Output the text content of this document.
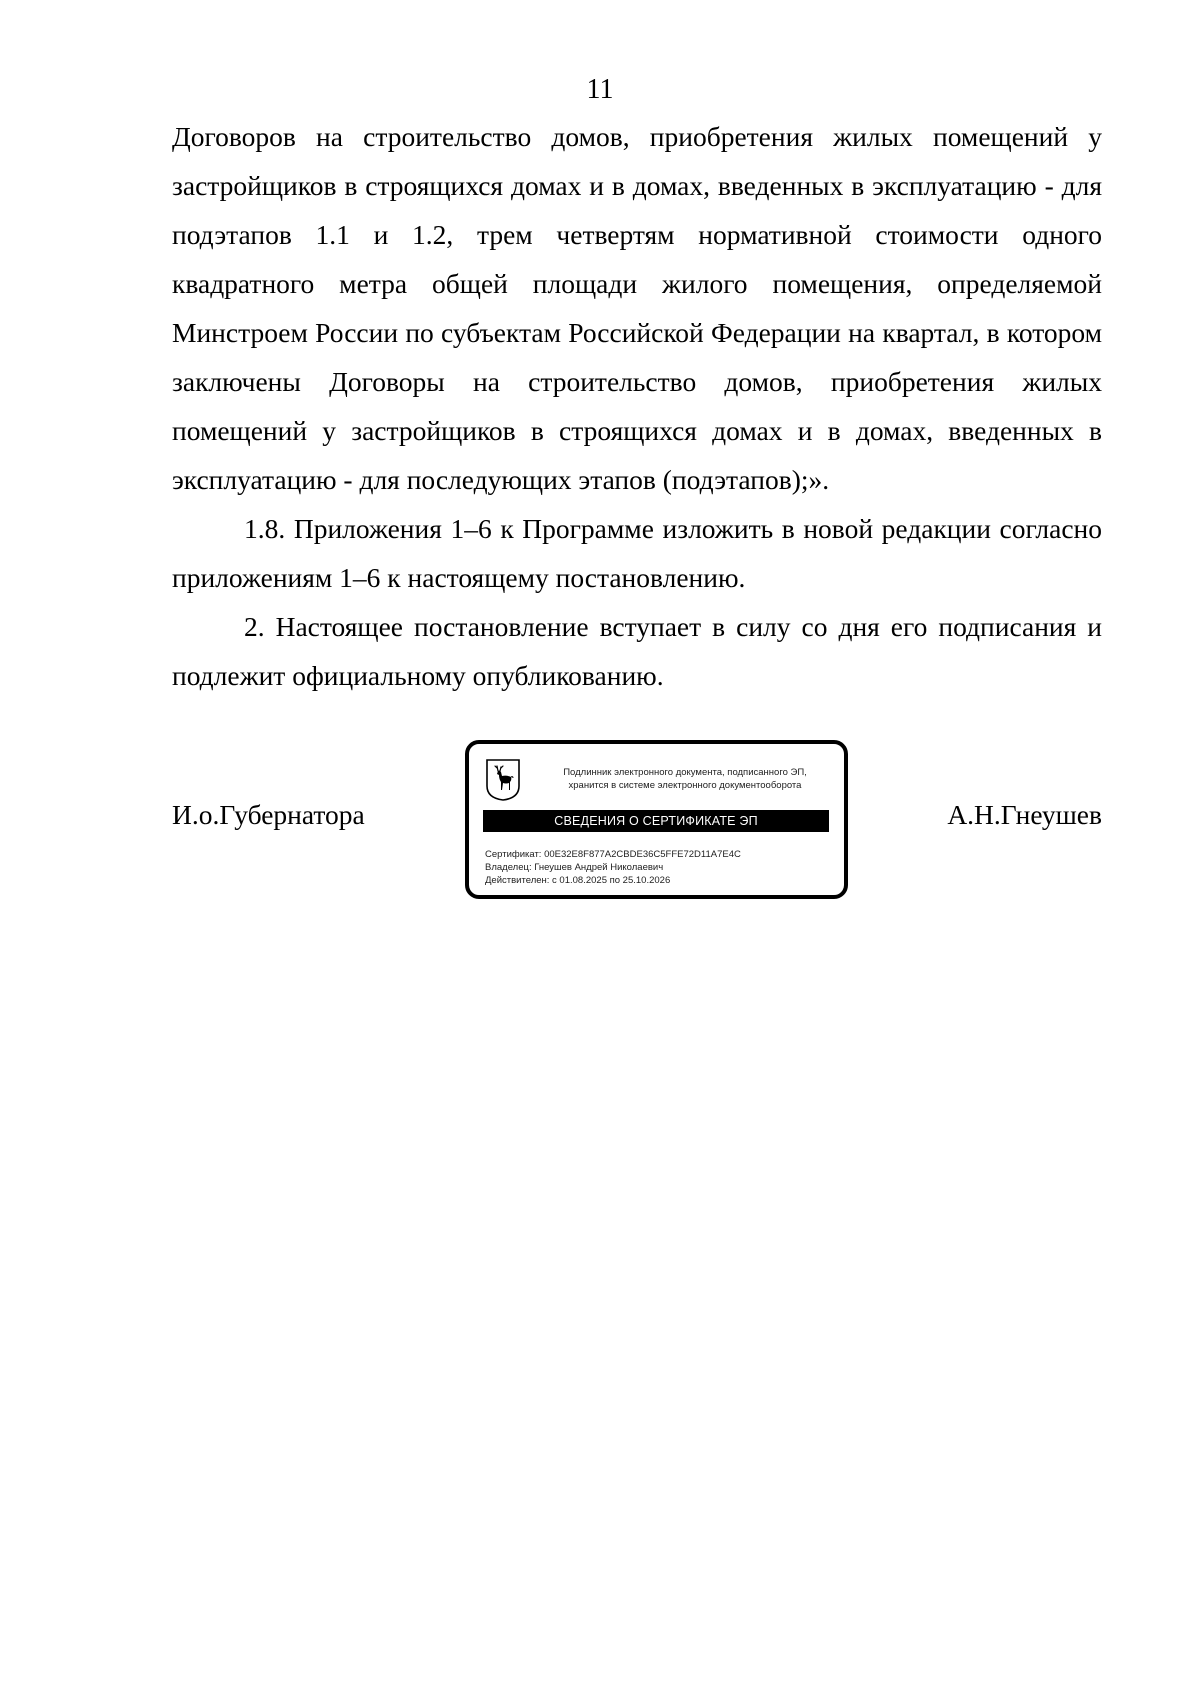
11

Договоров на строительство домов, приобретения жилых помещений у застройщиков в строящихся домах и в домах, введенных в эксплуатацию - для подэтапов 1.1 и 1.2, трем четвертям нормативной стоимости одного квадратного метра общей площади жилого помещения, определяемой Минстроем России по субъектам Российской Федерации на квартал, в котором заключены Договоры на строительство домов, приобретения жилых помещений у застройщиков в строящихся домах и в домах, введенных в эксплуатацию - для последующих этапов (подэтапов);».

1.8. Приложения 1–6 к Программе изложить в новой редакции согласно приложениям 1–6 к настоящему постановлению.

2. Настоящее постановление вступает в силу со дня его подписания и подлежит официальному опубликованию.

И.о.Губернатора
Подлинник электронного документа, подписанного ЭП,
хранится в системе электронного документооборота
СВЕДЕНИЯ О СЕРТИФИКАТЕ ЭП
Сертификат: 00E32E8F877A2CBDE36C5FFE72D11A7E4C
Владелец: Гнеушев Андрей Николаевич
Действителен: с 01.08.2025 по 25.10.2026
А.Н.Гнеушев
